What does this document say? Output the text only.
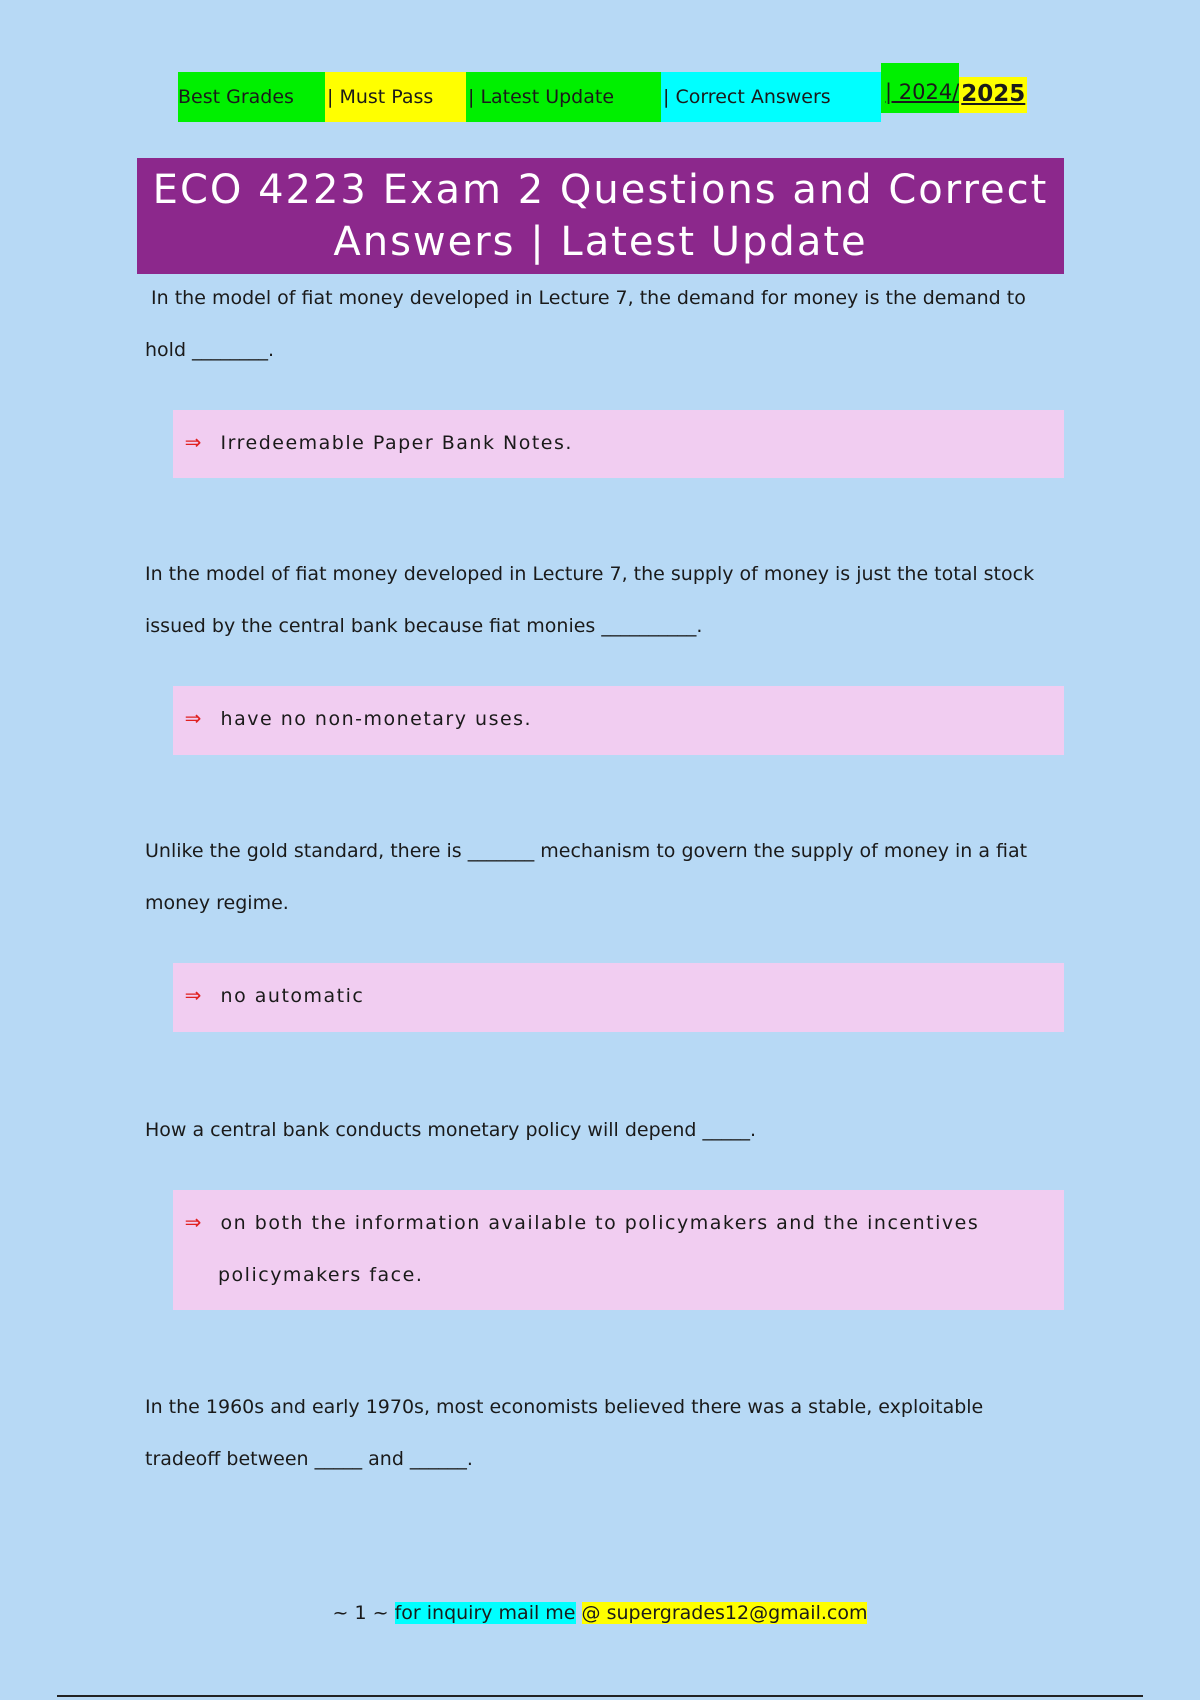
Best Grades	| Must Pass	| Latest Update	| Correct Answers	| 2024/ 2025
ECO 4223 Exam 2 Questions and Correct
Answers | Latest Update
In the model of fiat money developed in Lecture 7, the demand for money is the demand to
hold ________.
⇒ Irredeemable Paper Bank Notes.
In the model of fiat money developed in Lecture 7, the supply of money is just the total stock
issued by the central bank because fiat monies __________.
⇒ have no non-monetary uses.
Unlike the gold standard, there is _______ mechanism to govern the supply of money in a fiat
money regime.
⇒ no automatic
How a central bank conducts monetary policy will depend _____.
⇒ on both the information available to policymakers and the incentives
policymakers face.
In the 1960s and early 1970s, most economists believed there was a stable, exploitable
tradeoff between _____ and ______.
~ 1 ~ for inquiry mail me @ supergrades12@gmail.com
